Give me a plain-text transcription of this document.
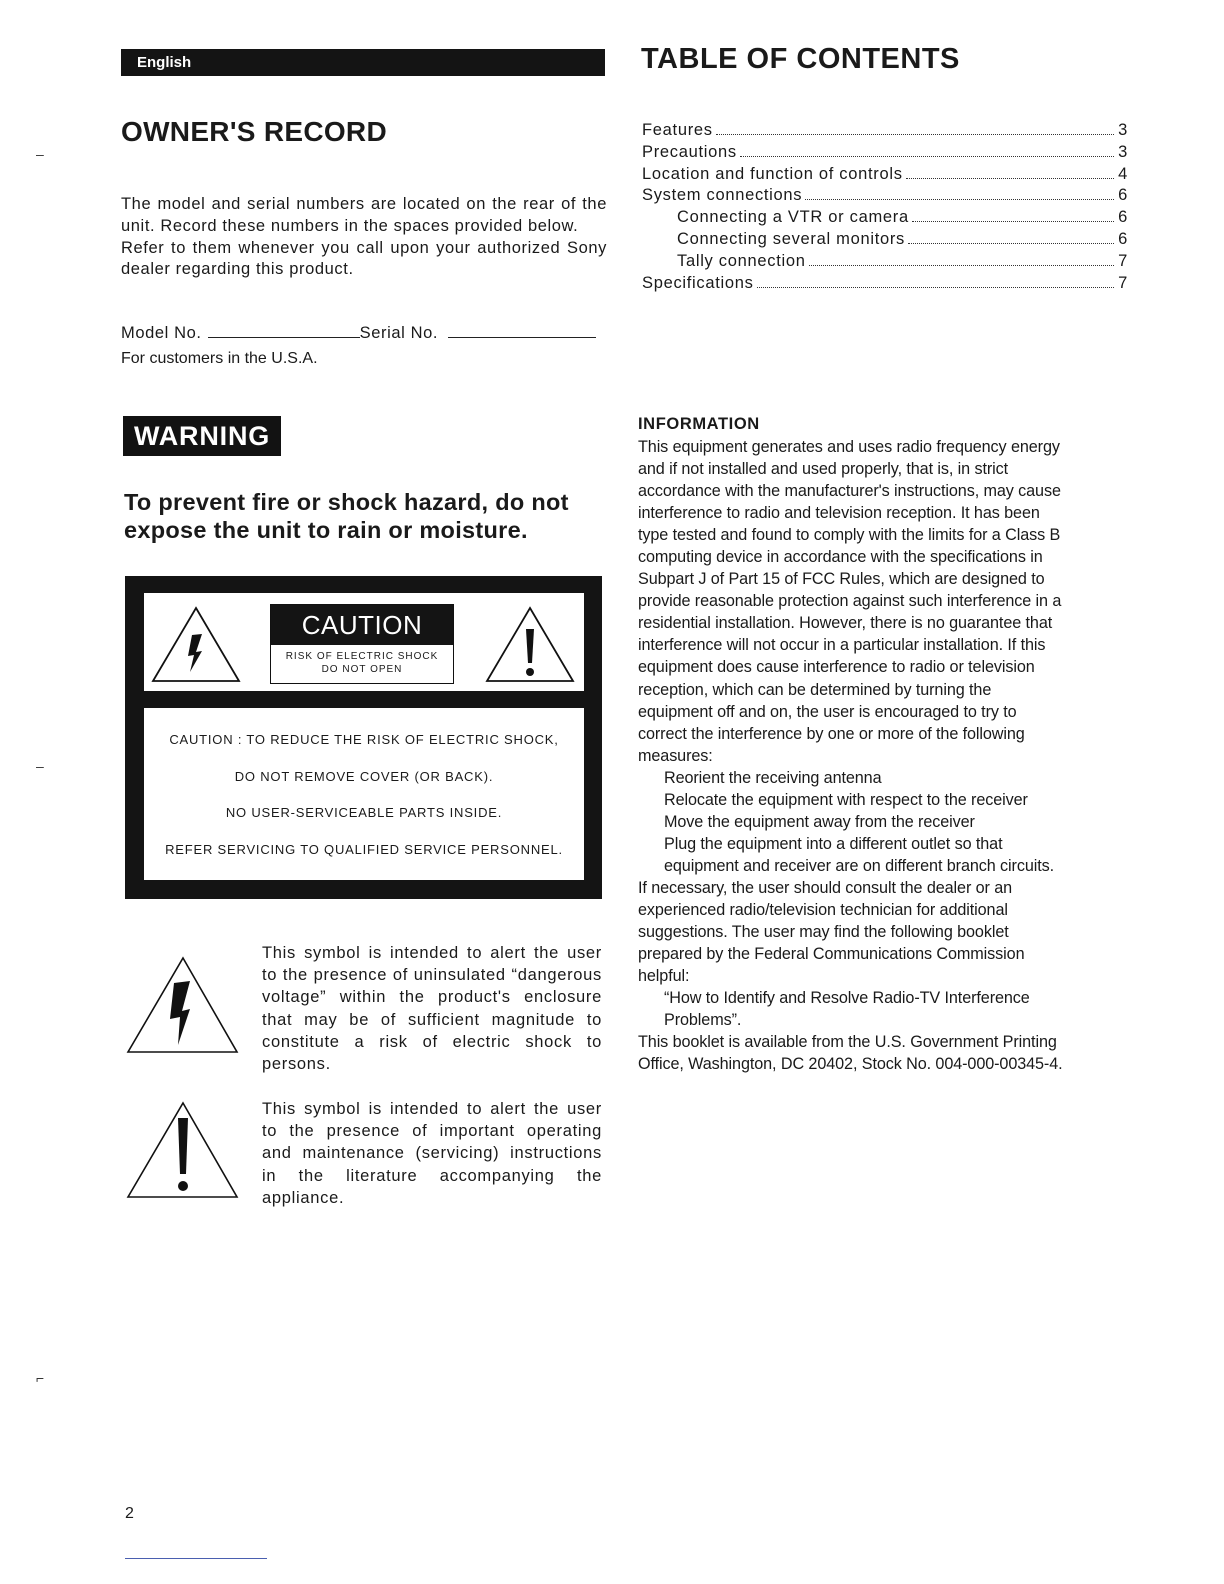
English	TABLE OF CONTENTS
Features	3
Precautions	3
Location and function of controls	4
System connections	6
Connecting a VTR or camera	6
Connecting several monitors	6
Tally connection	7
Specifications	7
OWNER'S RECORD

The model and serial numbers are located on the rear of the unit. Record these numbers in the spaces provided below.

Refer to them whenever you call upon your authorized Sony dealer regarding this product.

Model No.	Serial No.
For customers in the U.S.A.
WARNING
To prevent fire or shock hazard, do not expose the unit to rain or moisture.
CAUTION
RISK OF ELECTRIC SHOCK
DO NOT OPEN
CAUTION : TO REDUCE THE RISK OF ELECTRIC SHOCK,
DO NOT REMOVE COVER (OR BACK).
NO USER-SERVICEABLE PARTS INSIDE.
REFER SERVICING TO QUALIFIED SERVICE PERSONNEL.
This symbol is intended to alert the user to the presence of uninsulated “dangerous voltage” within the product's enclosure that may be of sufficient magnitude to constitute a risk of electric shock to persons.
This symbol is intended to alert the user to the presence of important operating and maintenance (servicing) instructions in the literature accompanying the appliance.
INFORMATION
This equipment generates and uses radio frequency energy
and if not installed and used properly, that is, in strict
accordance with the manufacturer's instructions, may cause
interference to radio and television reception. It has been
type tested and found to comply with the limits for a Class B
computing device in accordance with the specifications in
Subpart J of Part 15 of FCC Rules, which are designed to
provide reasonable protection against such interference in a
residential installation. However, there is no guarantee that
interference will not occur in a particular installation. If this
equipment does cause interference to radio or television
reception, which can be determined by turning the
equipment off and on, the user is encouraged to try to
correct the interference by one or more of the following
measures:
Reorient the receiving antenna
Relocate the equipment with respect to the receiver
Move the equipment away from the receiver
Plug the equipment into a different outlet so that
equipment and receiver are on different branch circuits.
If necessary, the user should consult the dealer or an
experienced radio/television technician for additional
suggestions. The user may find the following booklet
prepared by the Federal Communications Commission
helpful:
“How to Identify and Resolve Radio-TV Interference
Problems”.
This booklet is available from the U.S. Government Printing
Office, Washington, DC 20402, Stock No. 004-000-00345-4.
2
‒
‒
⌐
